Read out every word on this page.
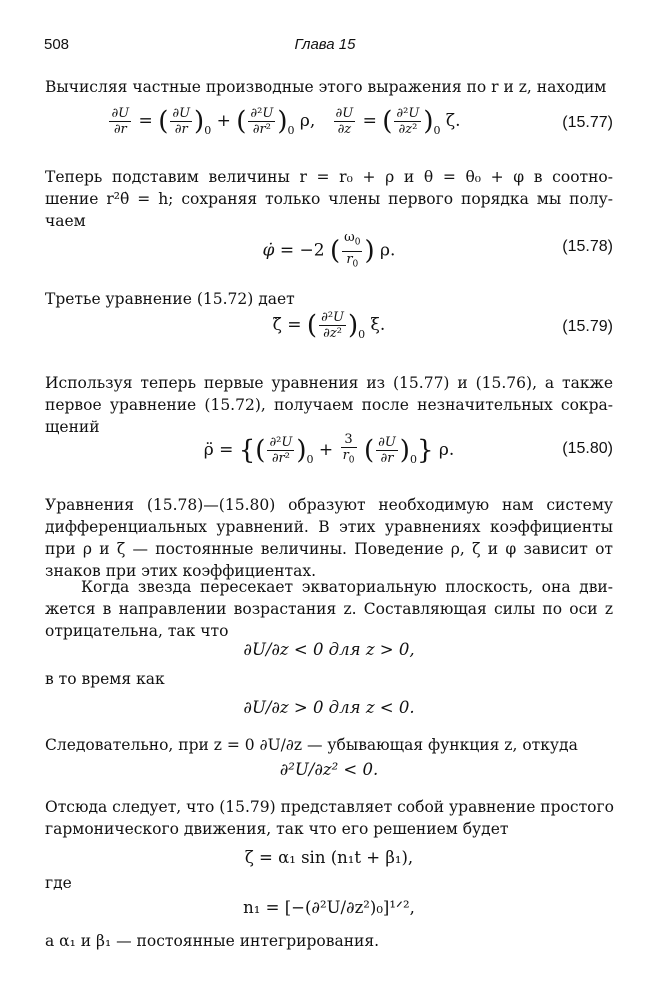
508	Глава 15
Вычисляя частные производные этого выражения по r и z, находим
$\frac{\partial U}{\partial r}$ = ( $\frac{\partial U}{\partial r} )_0$ + ( $\frac{\text{∂²U}}{\text{∂r²}} )_0$ ρ, $\frac{\partial U}{\partial z}$ = ( $\frac{\text{∂²U}}{\text{∂z²}} )_0$ ζ.	(15.77)
Теперь подставим величины r = r₀ + ρ и θ = θ₀ + φ в соотно-
шение r²θ̇ = h; сохраняя только члены первого порядка мы полу-
чаем
φ̇ = −2 ( $\frac{\omega_0}{r_0}$ ) ρ.	(15.78)
Третье уравнение (15.72) дает
ζ̈ = ( $\frac{\text{∂²U}}{\text{∂z²}} )_0$ ξ.	(15.79)
Используя теперь первые уравнения из (15.77) и (15.76), а также
первое уравнение (15.72), получаем после незначительных сокра-
щений
ρ̈ = {( $\frac{\text{∂²U}}{\text{∂r²}} )_0 + \frac{3}{r_0}$ ( $\frac{\partial U}{\partial r} )_0$} ρ.	(15.80)
Уравнения (15.78)—(15.80) образуют необходимую нам систему
дифференциальных уравнений. В этих уравнениях коэффициенты
при ρ и ζ — постоянные величины. Поведение ρ, ζ и φ зависит от
знаков при этих коэффициентах.
Когда звезда пересекает экваториальную плоскость, она дви-
жется в направлении возрастания z. Составляющая силы по оси z
отрицательна, так что
∂U/∂z < 0 для z > 0,
в то время как
∂U/∂z > 0 для z < 0.
Следовательно, при z = 0 ∂U/∂z — убывающая функция z, откуда
∂²U/∂z² < 0.
Отсюда следует, что (15.79) представляет собой уравнение простого
гармонического движения, так что его решением будет
ζ = α₁ sin (n₁t + β₁),
где
n₁ = [−(∂²U/∂z²)₀]¹ᐟ²,
а α₁ и β₁ — постоянные интегрирования.
